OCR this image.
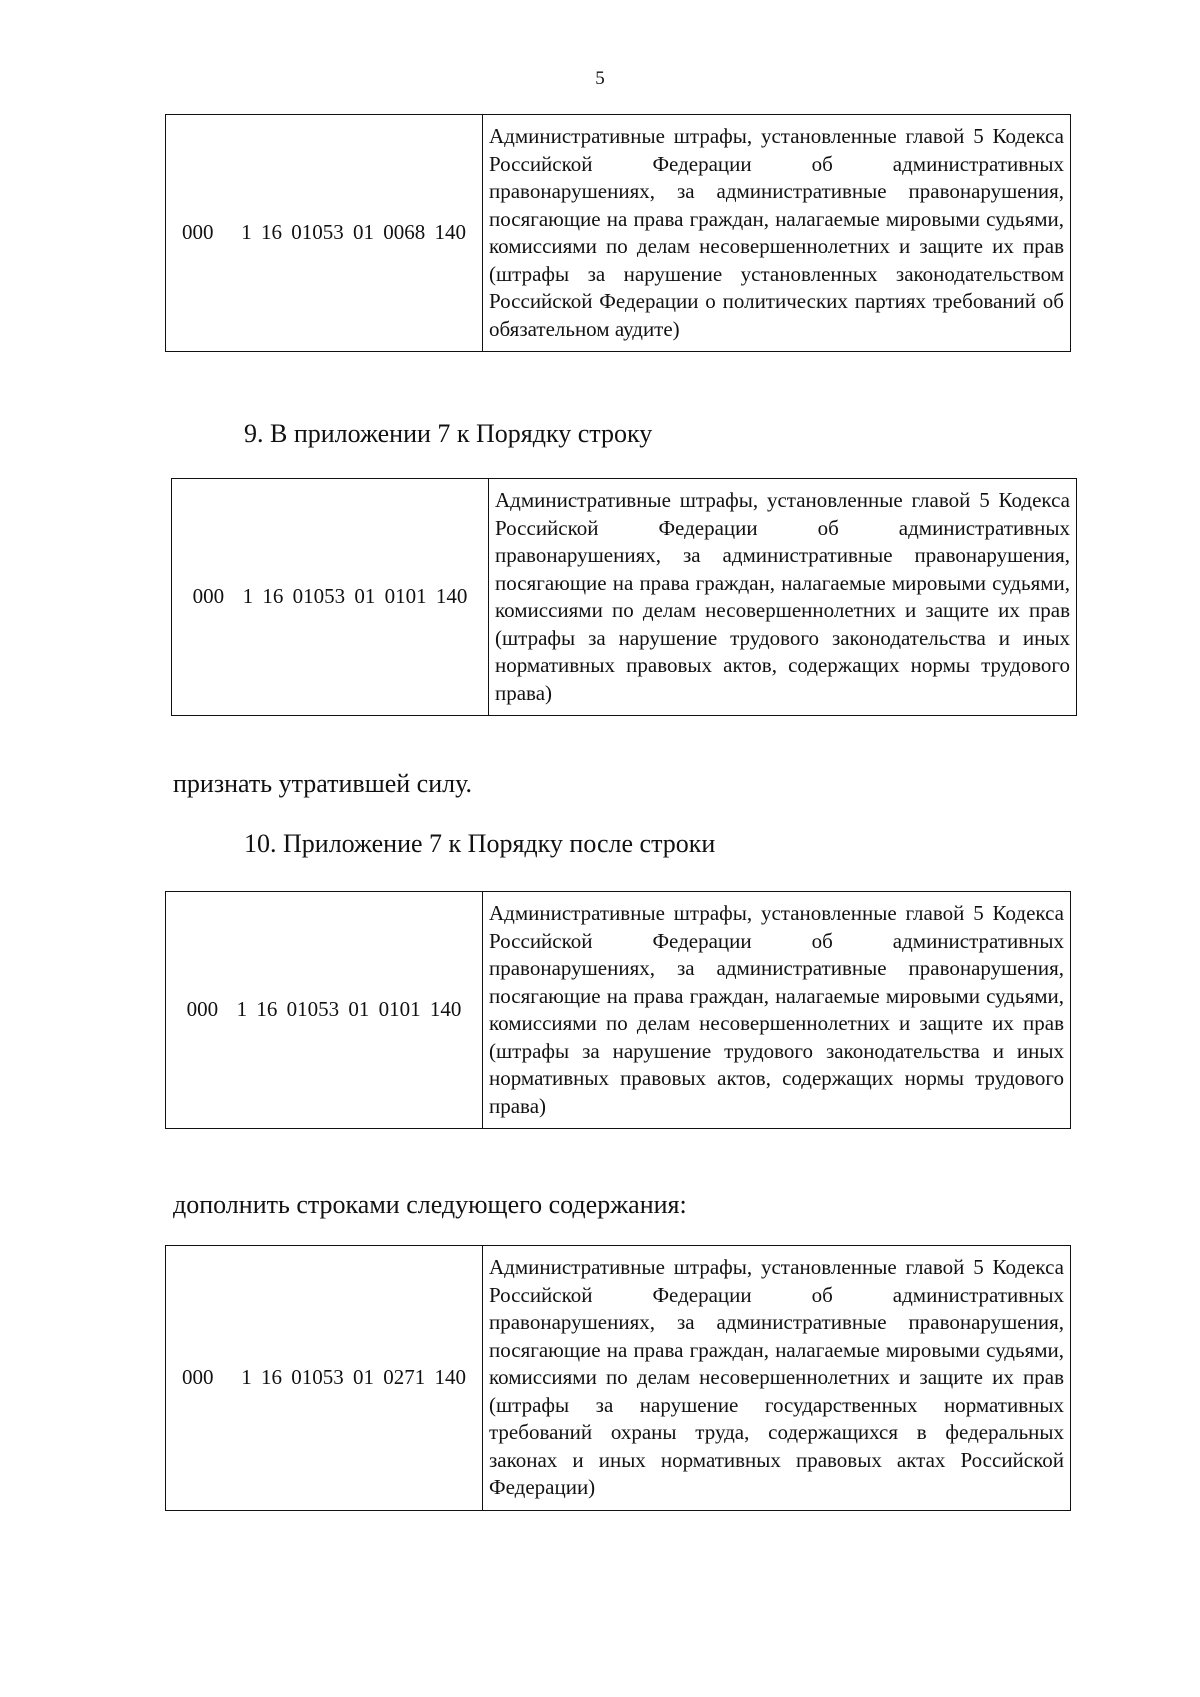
5
000   1 16 01053 01 0068 140	Административные штрафы, установленные главой 5 Кодекса Российской Федерации об административных правонарушениях, за административные правонарушения, посягающие на права граждан, налагаемые мировыми судьями, комиссиями по делам несовершеннолетних и защите их прав (штрафы за нарушение установленных законодательством Российской Федерации о политических партиях требований об обязательном аудите)
9. В приложении 7 к Порядку строку
000  1 16 01053 01 0101 140	Административные штрафы, установленные главой 5 Кодекса Российской Федерации об административных правонарушениях, за административные правонарушения, посягающие на права граждан, налагаемые мировыми судьями, комиссиями по делам несовершеннолетних и защите их прав (штрафы за нарушение трудового законодательства и иных нормативных правовых актов, содержащих нормы трудового права)
признать утратившей силу.
10. Приложение 7 к Порядку после строки
000  1 16 01053 01 0101 140	Административные штрафы, установленные главой 5 Кодекса Российской Федерации об административных правонарушениях, за административные правонарушения, посягающие на права граждан, налагаемые мировыми судьями, комиссиями по делам несовершеннолетних и защите их прав (штрафы за нарушение трудового законодательства и иных нормативных правовых актов, содержащих нормы трудового права)
дополнить строками следующего содержания:
000   1 16 01053 01 0271 140	Административные штрафы, установленные главой 5 Кодекса Российской Федерации об административных правонарушениях, за административные правонарушения, посягающие на права граждан, налагаемые мировыми судьями, комиссиями по делам несовершеннолетних и защите их прав (штрафы за нарушение государственных нормативных требований охраны труда, содержащихся в федеральных законах и иных нормативных правовых актах Российской Федерации)
